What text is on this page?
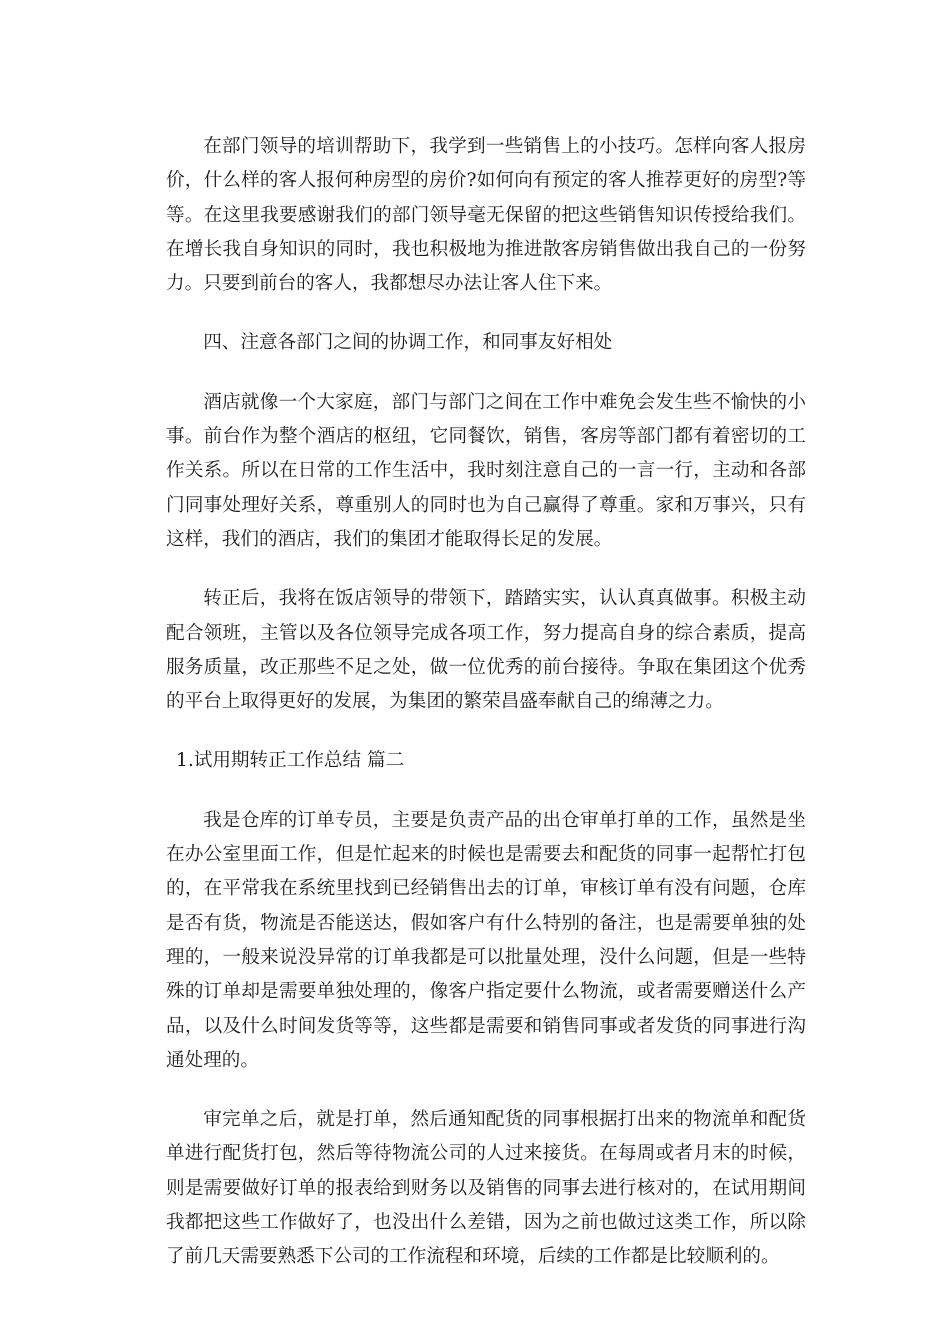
在部门领导的培训帮助下，我学到一些销售上的小技巧。怎样向客人报房价，什么样的客人报何种房型的房价?如何向有预定的客人推荐更好的房型?等等。在这里我要感谢我们的部门领导毫无保留的把这些销售知识传授给我们。在增长我自身知识的同时，我也积极地为推进散客房销售做出我自己的一份努力。只要到前台的客人，我都想尽办法让客人住下来。

四、注意各部门之间的协调工作，和同事友好相处

酒店就像一个大家庭，部门与部门之间在工作中难免会发生些不愉快的小事。前台作为整个酒店的枢纽，它同餐饮，销售，客房等部门都有着密切的工作关系。所以在日常的工作生活中，我时刻注意自己的一言一行，主动和各部门同事处理好关系，尊重别人的同时也为自己赢得了尊重。家和万事兴，只有这样，我们的酒店，我们的集团才能取得长足的发展。

转正后，我将在饭店领导的带领下，踏踏实实，认认真真做事。积极主动配合领班，主管以及各位领导完成各项工作，努力提高自身的综合素质，提高服务质量，改正那些不足之处，做一位优秀的前台接待。争取在集团这个优秀的平台上取得更好的发展，为集团的繁荣昌盛奉献自己的绵薄之力。

1.试用期转正工作总结 篇二

我是仓库的订单专员，主要是负责产品的出仓审单打单的工作，虽然是坐在办公室里面工作，但是忙起来的时候也是需要去和配货的同事一起帮忙打包的，在平常我在系统里找到已经销售出去的订单，审核订单有没有问题，仓库是否有货，物流是否能送达，假如客户有什么特别的备注，也是需要单独的处理的，一般来说没异常的订单我都是可以批量处理，没什么问题，但是一些特殊的订单却是需要单独处理的，像客户指定要什么物流，或者需要赠送什么产品，以及什么时间发货等等，这些都是需要和销售同事或者发货的同事进行沟通处理的。

审完单之后，就是打单，然后通知配货的同事根据打出来的物流单和配货单进行配货打包，然后等待物流公司的人过来接货。在每周或者月末的时候，则是需要做好订单的报表给到财务以及销售的同事去进行核对的，在试用期间我都把这些工作做好了，也没出什么差错，因为之前也做过这类工作，所以除了前几天需要熟悉下公司的工作流程和环境，后续的工作都是比较顺利的。
